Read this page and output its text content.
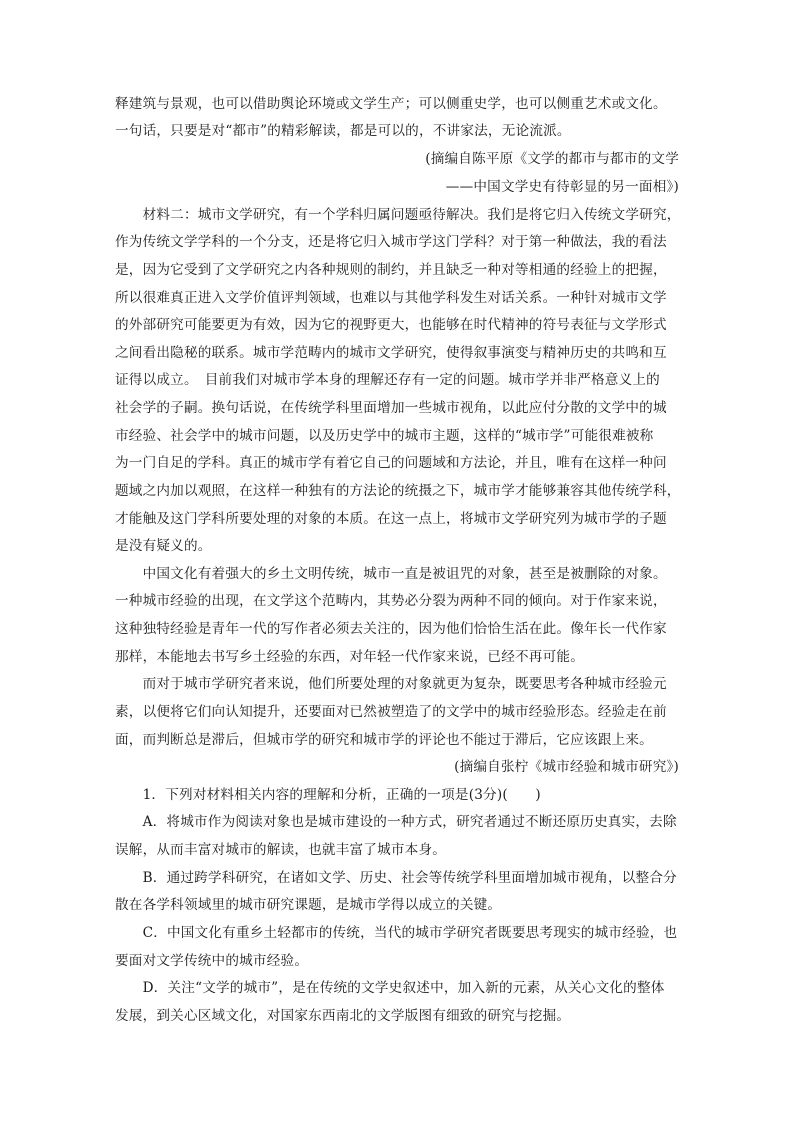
释建筑与景观，也可以借助舆论环境或文学生产；可以侧重史学，也可以侧重艺术或文化。
一句话，只要是对“都市”的精彩解读，都是可以的，不讲家法，无论流派。
(摘编自陈平原《文学的都市与都市的文学
——中国文学史有待彰显的另一面相》)
　　材料二：城市文学研究，有一个学科归属问题亟待解决。我们是将它归入传统文学研究，
作为传统文学学科的一个分支，还是将它归入城市学这门学科？对于第一种做法，我的看法
是，因为它受到了文学研究之内各种规则的制约，并且缺乏一种对等相通的经验上的把握，
所以很难真正进入文学价值评判领域，也难以与其他学科发生对话关系。一种针对城市文学
的外部研究可能要更为有效，因为它的视野更大，也能够在时代精神的符号表征与文学形式
之间看出隐秘的联系。城市学范畴内的城市文学研究，使得叙事演变与精神历史的共鸣和互
证得以成立。　目前我们对城市学本身的理解还存有一定的问题。城市学并非严格意义上的
社会学的子嗣。换句话说，在传统学科里面增加一些城市视角，以此应付分散的文学中的城
市经验、社会学中的城市问题，以及历史学中的城市主题，这样的“城市学”可能很难被称
为一门自足的学科。真正的城市学有着它自己的问题域和方法论，并且，唯有在这样一种问
题域之内加以观照，在这样一种独有的方法论的统摄之下，城市学才能够兼容其他传统学科，
才能触及这门学科所要处理的对象的本质。在这一点上，将城市文学研究列为城市学的子题
是没有疑义的。
　　中国文化有着强大的乡土文明传统，城市一直是被诅咒的对象，甚至是被删除的对象。
一种城市经验的出现，在文学这个范畴内，其势必分裂为两种不同的倾向。对于作家来说，
这种独特经验是青年一代的写作者必须去关注的，因为他们恰恰生活在此。像年长一代作家
那样，本能地去书写乡土经验的东西，对年轻一代作家来说，已经不再可能。
　　而对于城市学研究者来说，他们所要处理的对象就更为复杂，既要思考各种城市经验元
素，以便将它们向认知提升，还要面对已然被塑造了的文学中的城市经验形态。经验走在前
面，而判断总是滞后，但城市学的研究和城市学的评论也不能过于滞后，它应该跟上来。
(摘编自张柠《城市经验和城市研究》)
　　1．下列对材料相关内容的理解和分析，正确的一项是(3分)(　　)
　　A．将城市作为阅读对象也是城市建设的一种方式，研究者通过不断还原历史真实，去除
误解，从而丰富对城市的解读，也就丰富了城市本身。
　　B．通过跨学科研究，在诸如文学、历史、社会等传统学科里面增加城市视角，以整合分
散在各学科领域里的城市研究课题，是城市学得以成立的关键。
　　C．中国文化有重乡土轻都市的传统，当代的城市学研究者既要思考现实的城市经验，也
要面对文学传统中的城市经验。
　　D．关注“文学的城市”，是在传统的文学史叙述中，加入新的元素，从关心文化的整体
发展，到关心区域文化，对国家东西南北的文学版图有细致的研究与挖掘。
